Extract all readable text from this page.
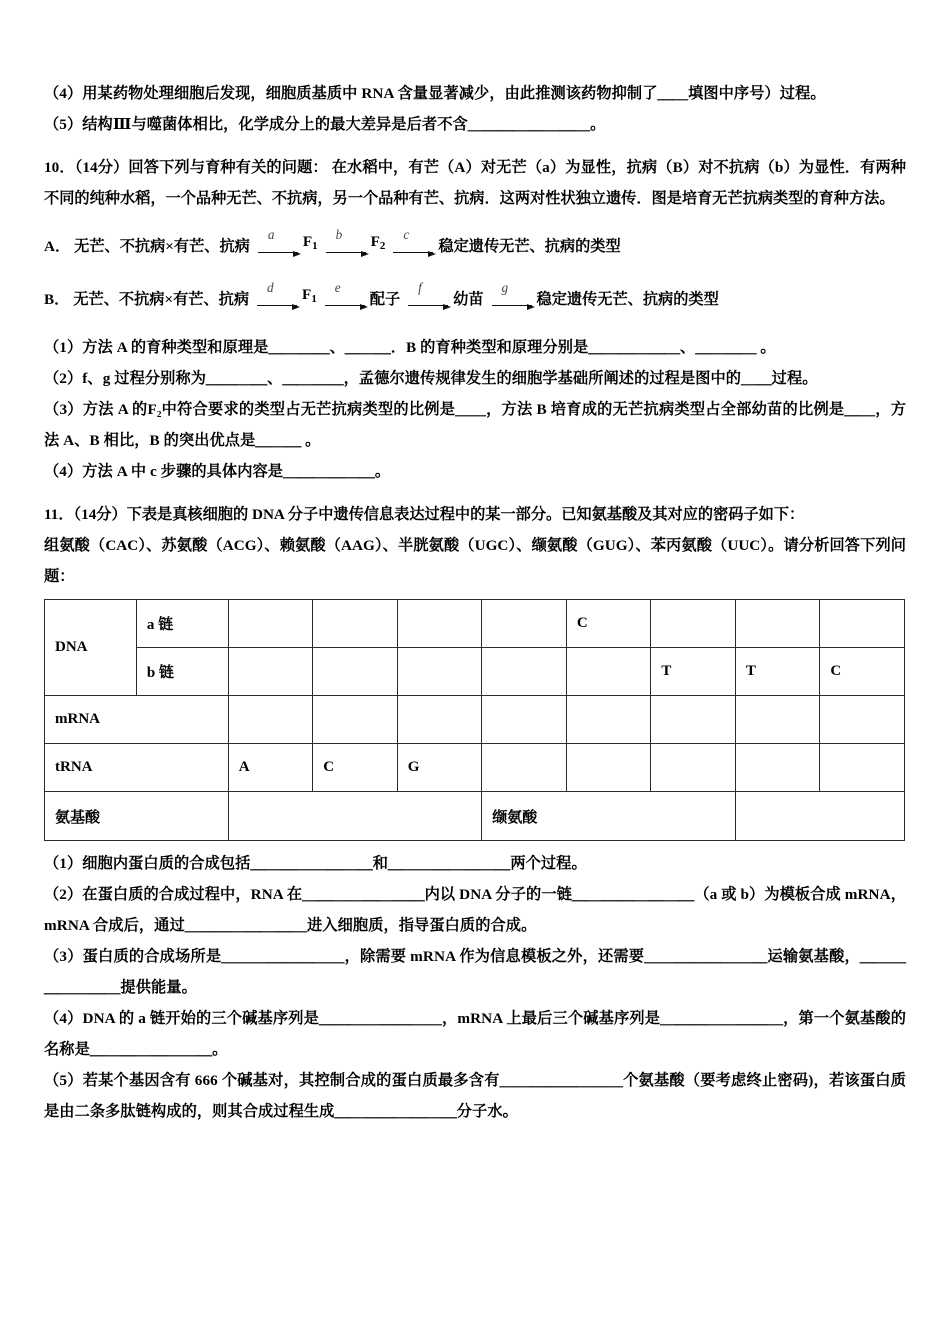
（4）用某药物处理细胞后发现，细胞质基质中 RNA 含量显著减少，由此推测该药物抑制了＿＿填图中序号）过程。

（5）结构Ⅲ与噬菌体相比，化学成分上的最大差异是后者不含＿＿＿＿＿＿＿＿。

10．（14分）回答下列与育种有关的问题： 在水稻中，有芒（A）对无芒（a）为显性，抗病（B）对不抗病（b）为显性．有两种不同的纯种水稻，一个品种无芒、不抗病，另一个品种有芒、抗病．这两对性状独立遗传．图是培育无芒抗病类型的育种方法。

A． 无芒、不抗病×有芒、抗病
a $F_1$
b $F_2$
c
稳定遗传无芒、抗病的类型
B． 无芒、不抗病×有芒、抗病
d $F_1$
e
配子
f
幼苗
g
稳定遗传无芒、抗病的类型

（1）方法 A 的育种类型和原理是＿＿＿＿、＿＿＿．B 的育种类型和原理分别是＿＿＿＿＿＿、＿＿＿＿ 。

（2）f、g 过程分别称为＿＿＿＿、＿＿＿＿，孟德尔遗传规律发生的细胞学基础所阐述的过程是图中的＿＿过程。

（3）方法 A 的F₂中符合要求的类型占无芒抗病类型的比例是＿＿，方法 B 培育成的无芒抗病类型占全部幼苗的比例是＿＿，方法 A、B 相比，B 的突出优点是＿＿＿ 。

（4）方法 A 中 c 步骤的具体内容是＿＿＿＿＿＿。

11．（14分）下表是真核细胞的 DNA 分子中遗传信息表达过程中的某一部分。已知氨基酸及其对应的密码子如下：

组氨酸（CAC）、苏氨酸（ACG）、赖氨酸（AAG）、半胱氨酸（UGC）、缬氨酸（GUG）、苯丙氨酸（UUC）。请分析回答下列问题：

DNA	a 链					C			
	b 链						T	T	C
mRNA									
tRNA		A	C	G					
氨基酸					缬氨酸				

（1）细胞内蛋白质的合成包括＿＿＿＿＿＿＿＿和＿＿＿＿＿＿＿＿两个过程。

（2）在蛋白质的合成过程中，RNA 在＿＿＿＿＿＿＿＿内以 DNA 分子的一链＿＿＿＿＿＿＿＿（a 或 b）为模板合成 mRNA，mRNA 合成后，通过＿＿＿＿＿＿＿＿进入细胞质，指导蛋白质的合成。

（3）蛋白质的合成场所是＿＿＿＿＿＿＿＿，除需要 mRNA 作为信息模板之外，还需要＿＿＿＿＿＿＿＿运输氨基酸，＿＿＿＿＿＿＿＿提供能量。

（4）DNA 的 a 链开始的三个碱基序列是＿＿＿＿＿＿＿＿，mRNA 上最后三个碱基序列是＿＿＿＿＿＿＿＿，第一个氨基酸的名称是＿＿＿＿＿＿＿＿。

（5）若某个基因含有 666 个碱基对，其控制合成的蛋白质最多含有＿＿＿＿＿＿＿＿个氨基酸（要考虑终止密码)，若该蛋白质是由二条多肽链构成的，则其合成过程生成＿＿＿＿＿＿＿＿分子水。
